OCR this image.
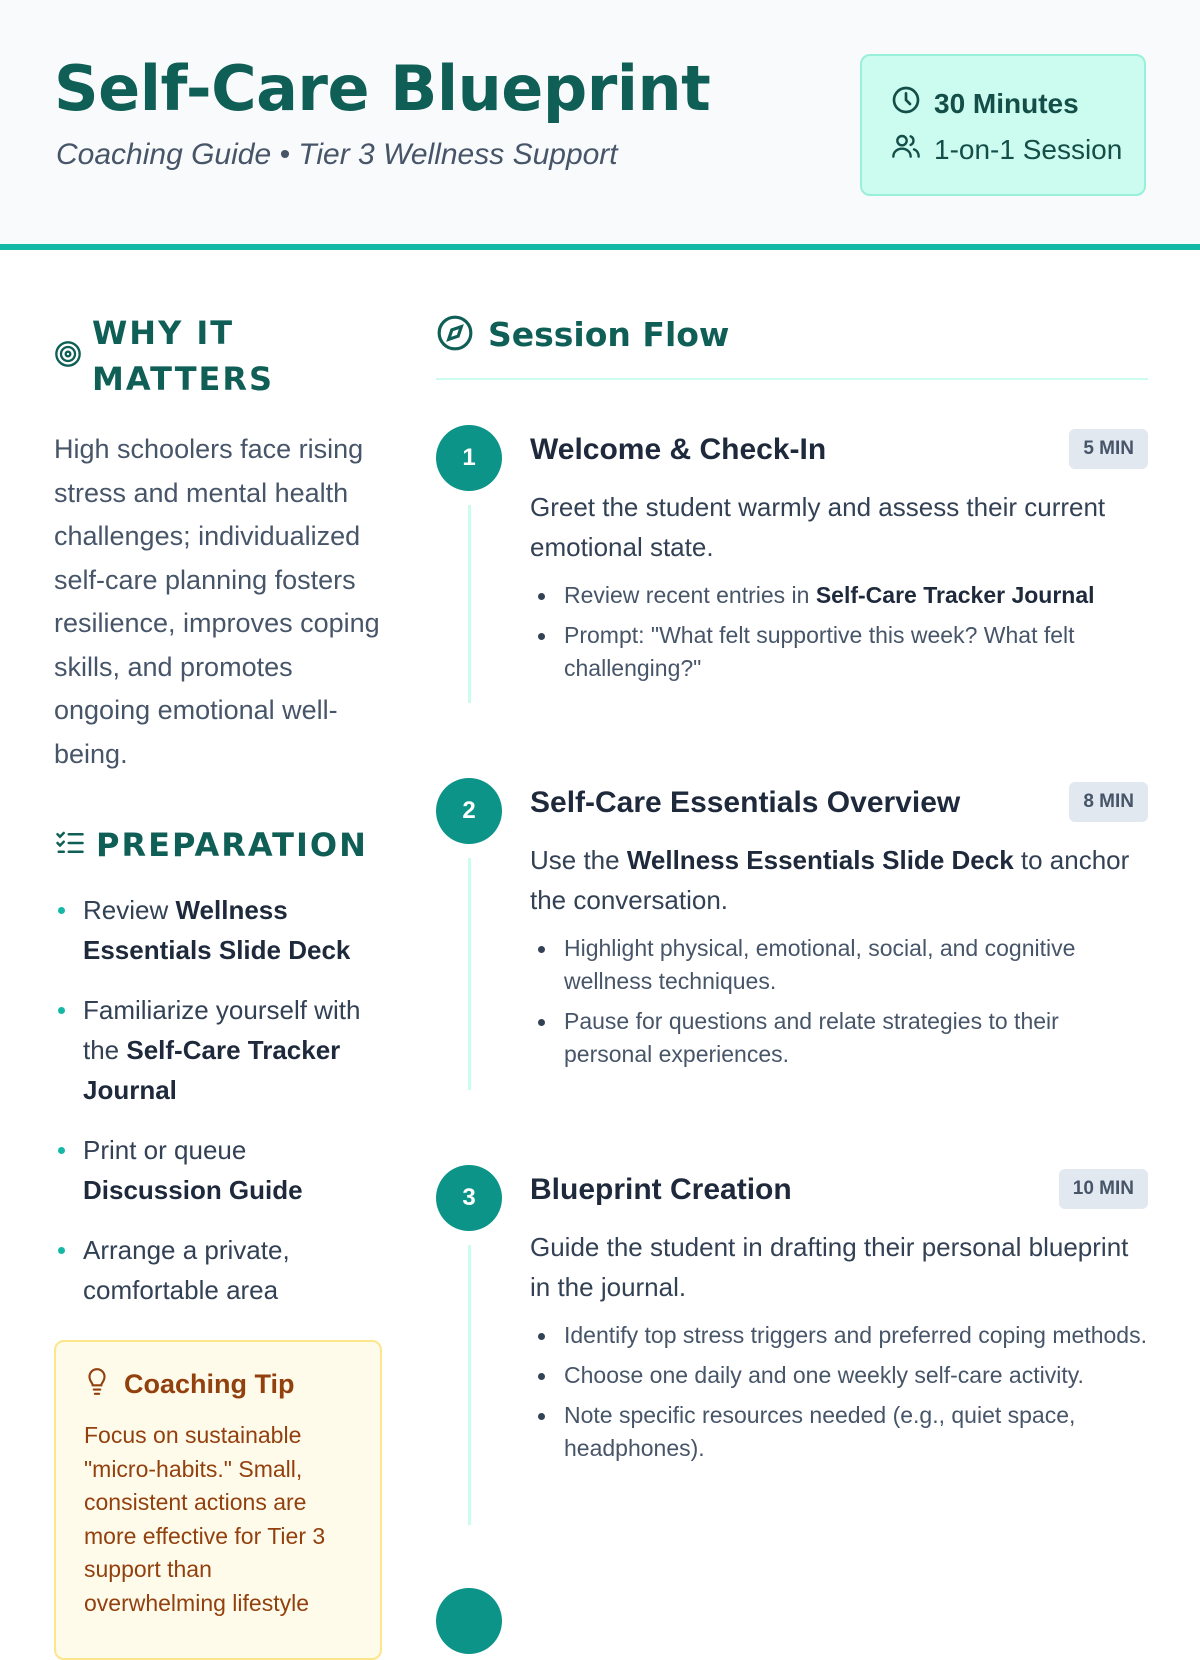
Self-Care Blueprint
Coaching Guide • Tier 3 Wellness Support
30 Minutes
1-on-1 Session
WHY IT MATTERS

High schoolers face rising stress and mental health challenges; individualized self-care planning fosters resilience, improves coping skills, and promotes ongoing emotional well-being.

PREPARATION
Review Wellness Essentials Slide Deck
Familiarize yourself with the Self-Care Tracker Journal
Print or queue Discussion Guide
Arrange a private, comfortable area
Coaching Tip

Focus on sustainable "micro-habits." Small, consistent actions are more effective for Tier 3 support than overwhelming lifestyle

Session Flow
1	Welcome & Check-In	5 MIN

Greet the student warmly and assess their current emotional state.

Review recent entries in Self-Care Tracker Journal
Prompt: "What felt supportive this week? What felt challenging?"
2	Self-Care Essentials Overview	8 MIN

Use the Wellness Essentials Slide Deck to anchor the conversation.

Highlight physical, emotional, social, and cognitive wellness techniques.
Pause for questions and relate strategies to their personal experiences.
3	Blueprint Creation	10 MIN

Guide the student in drafting their personal blueprint in the journal.

Identify top stress triggers and preferred coping methods.
Choose one daily and one weekly self-care activity.
Note specific resources needed (e.g., quiet space, headphones).
